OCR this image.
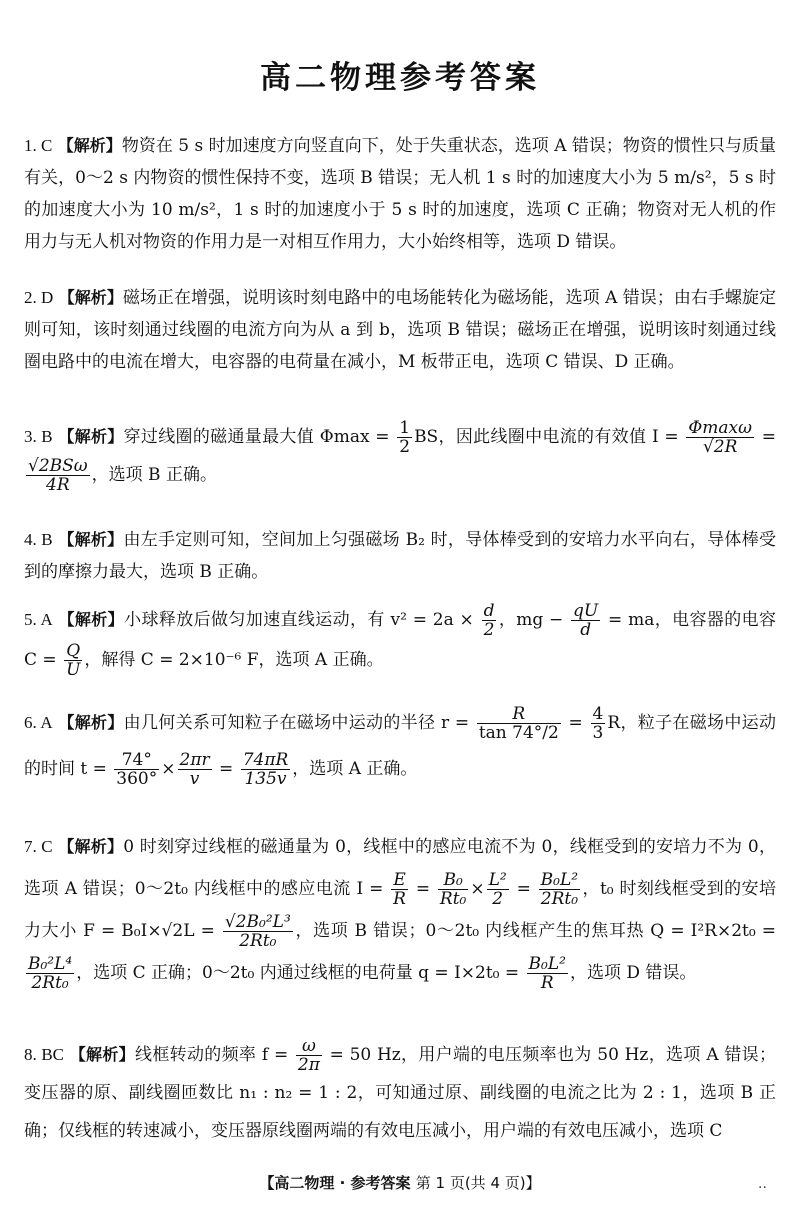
高二物理参考答案
1. C 【解析】物资在 5 s 时加速度方向竖直向下，处于失重状态，选项 A 错误；物资的惯性只与质量有关，0～2 s 内物资的惯性保持不变，选项 B 错误；无人机 1 s 时的加速度大小为 5 m/s²，5 s 时的加速度大小为 10 m/s²，1 s 时的加速度小于 5 s 时的加速度，选项 C 正确；物资对无人机的作用力与无人机对物资的作用力是一对相互作用力，大小始终相等，选项 D 错误。
2. D 【解析】磁场正在增强，说明该时刻电路中的电场能转化为磁场能，选项 A 错误；由右手螺旋定则可知，该时刻通过线圈的电流方向为从 a 到 b，选项 B 错误；磁场正在增强，说明该时刻通过线圈电路中的电流在增大，电容器的电荷量在减小，M 板带正电，选项 C 错误、D 正确。
3. B 【解析】穿过线圈的磁通量最大值 $\Phi\max = \frac{1}{2}$ BS，因此线圈中电流的有效值 $I = \frac{\Phi\max\omega}{√2R}$ =
$\frac{\text{√2BSω}}{4R}$ ，选项 B 正确。
4. B 【解析】由左手定则可知，空间加上匀强磁场 B₂ 时，导体棒受到的安培力水平向右，导体棒受到的摩擦力最大，选项 B 正确。
5. A 【解析】小球释放后做匀加速直线运动，有 $v^2 = 2a \times \frac{d}{2}$ ，mg − $\frac{qU}{d}$ = ma，电容器的电容 $C = \frac{Q}{U}$ ，解得 C = 2×10⁻⁶ F，选项 A 正确。
6. A 【解析】由几何关系可知粒子在磁场中运动的半径 $r = \frac{R}{\tan 74^\circ/2} = \frac{4}{3}$ R，粒子在磁场中运动的时间 $t = \frac{74^\circ}{360^\circ} \times \frac{2\pi r}{v} = \frac{74\pi R}{135v}$ ，选项 A 正确。
7. C 【解析】0 时刻穿过线框的磁通量为 0，线框中的感应电流不为 0，线框受到的安培力不为 0，选项 A 错误；0～2t₀ 内线框中的感应电流 $I = \frac{E}{R} = \frac{\text{B₀}}{\text{Rt₀}} \times \frac{\text{L²}}{2} = \frac{\text{B₀L²}}{\text{2Rt₀}}$ ，t₀ 时刻线框受到的安培力大小 $F = B_0I\times√2L = \frac{\text{√2B₀²L³}}{\text{2Rt₀}}$ ，选项 B 错误；0～2t₀ 内线框产生的焦耳热 Q = I²R×2t₀ =
$\frac{\text{B₀²L⁴}}{\text{2Rt₀}}$ ，选项 C 正确；0～2t₀ 内通过线框的电荷量 $q = I\times 2t_0 = \frac{\text{B₀L²}}{R}$ ，选项 D 错误。
8. BC 【解析】线框转动的频率 $f = \frac{\omega}{2\pi} = 50$ Hz，用户端的电压频率也为 50 Hz，选项 A 错误；变压器的原、副线圈匝数比 n₁ : n₂ = 1 : 2，可知通过原、副线圈的电流之比为 2 : 1，选项 B 正确；仅线框的转速减小，变压器原线圈两端的有效电压减小，用户端的有效电压减小，选项 C
【高二物理 · 参考答案 第 1 页(共 4 页)】	··
